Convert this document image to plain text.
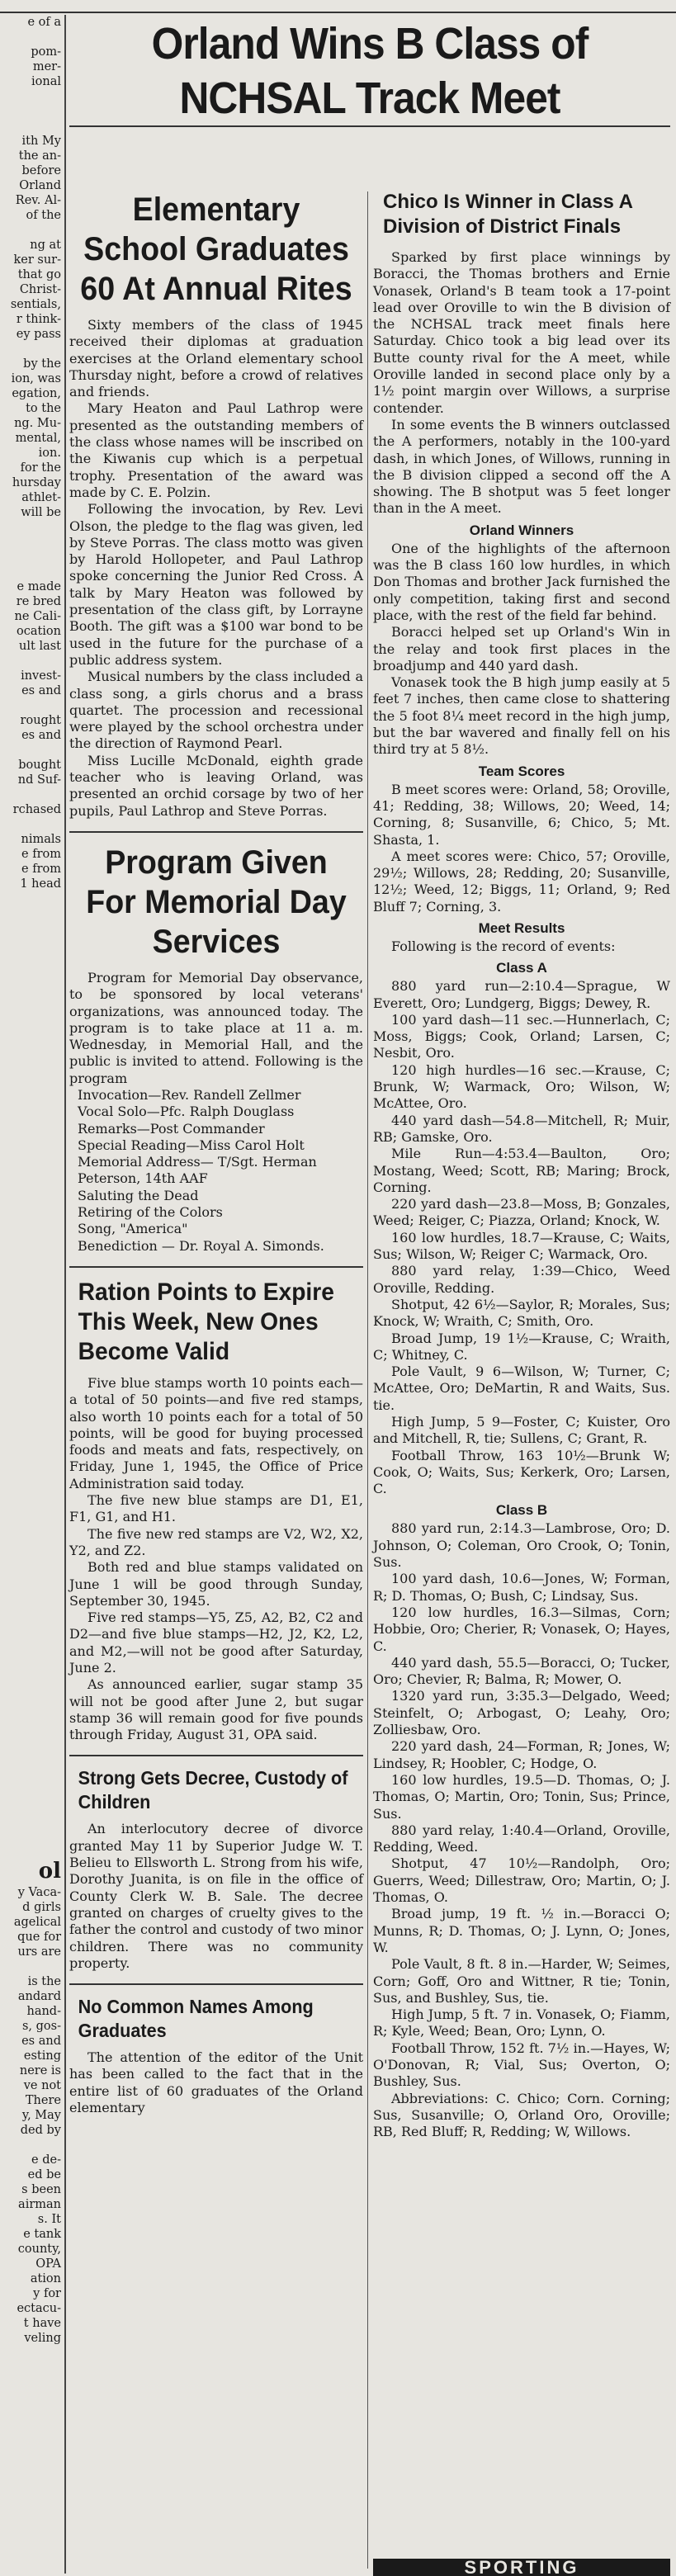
e of a

pom-

mer-

ional

ith My

the an-

before

Orland

Rev. Al-

of the

ng at

ker sur-

that go

Christ-

sentials,

r think-

ey pass

by the

ion, was

egation,

to the

ng. Mu-

mental,

ion.

for the

hursday

athlet-

will be

e made

re bred

ne Cali-

ocation

ult last

invest-

es and

rought

es and

bought

nd Suf-

rchased

nimals

e from

e from

1 head

ol

y Vaca-

d girls

agelical

que for

urs are

is the

andard

hand-

s, gos-

es and

esting

nere is

ve not

There

y, May

ded by

e de-

ed be

s been

airman

s. It

e tank

county,

OPA

ation

y for

ectacu-

t have

veling

Orland Wins B Class of
NCHSAL Track Meet
Elementary School Graduates 60 At Annual Rites

Sixty members of the class of 1945 received their diplomas at graduation exercises at the Orland elementary school Thursday night, before a crowd of relatives and friends.

Mary Heaton and Paul Lathrop were presented as the outstanding members of the class whose names will be inscribed on the Kiwanis cup which is a perpetual trophy. Presentation of the award was made by C. E. Polzin.

Following the invocation, by Rev. Levi Olson, the pledge to the flag was given, led by Steve Porras. The class motto was given by Harold Hollopeter, and Paul Lathrop spoke concerning the Junior Red Cross. A talk by Mary Heaton was followed by presentation of the class gift, by Lorrayne Booth. The gift was a $100 war bond to be used in the future for the purchase of a public address system.

Musical numbers by the class included a class song, a girls chorus and a brass quartet. The procession and recessional were played by the school orchestra under the direction of Raymond Pearl.

Miss Lucille McDonald, eighth grade teacher who is leaving Orland, was presented an orchid corsage by two of her pupils, Paul Lathrop and Steve Porras.

Program Given For Memorial Day Services

Program for Memorial Day observance, to be sponsored by local veterans' organizations, was announced today. The program is to take place at 11 a. m. Wednesday, in Memorial Hall, and the public is invited to attend. Following is the program

Invocation—Rev. Randell Zellmer

Vocal Solo—Pfc. Ralph Douglass

Remarks—Post Commander

Special Reading—Miss Carol Holt

Memorial Address— T/Sgt. Herman Peterson, 14th AAF

Saluting the Dead

Retiring of the Colors

Song, "America"

Benediction — Dr. Royal A. Simonds.

Ration Points to Expire This Week, New Ones Become Valid

Five blue stamps worth 10 points each—a total of 50 points—and five red stamps, also worth 10 points each for a total of 50 points, will be good for buying processed foods and meats and fats, respectively, on Friday, June 1, 1945, the Office of Price Administration said today.

The five new blue stamps are D1, E1, F1, G1, and H1.

The five new red stamps are V2, W2, X2, Y2, and Z2.

Both red and blue stamps validated on June 1 will be good through Sunday, September 30, 1945.

Five red stamps—Y5, Z5, A2, B2, C2 and D2—and five blue stamps—H2, J2, K2, L2, and M2,—will not be good after Saturday, June 2.

As announced earlier, sugar stamp 35 will not be good after June 2, but sugar stamp 36 will remain good for five pounds through Friday, August 31, OPA said.

Strong Gets Decree, Custody of Children

An interlocutory decree of divorce granted May 11 by Superior Judge W. T. Belieu to Ellsworth L. Strong from his wife, Dorothy Juanita, is on file in the office of County Clerk W. B. Sale. The decree granted on charges of cruelty gives to the father the control and custody of two minor children. There was no community property.

No Common Names Among Graduates

The attention of the editor of the Unit has been called to the fact that in the entire list of 60 graduates of the Orland elementary

Chico Is Winner in Class A Division of District Finals

Sparked by first place winnings by Boracci, the Thomas brothers and Ernie Vonasek, Orland's B team took a 17-point lead over Oroville to win the B division of the NCHSAL track meet finals here Saturday. Chico took a big lead over its Butte county rival for the A meet, while Oroville landed in second place only by a 1½ point margin over Willows, a surprise contender.

In some events the B winners outclassed the A performers, notably in the 100-yard dash, in which Jones, of Willows, running in the B division clipped a second off the A showing. The B shotput was 5 feet longer than in the A meet.

Orland Winners

One of the highlights of the afternoon was the B class 160 low hurdles, in which Don Thomas and brother Jack furnished the only competition, taking first and second place, with the rest of the field far behind.

Boracci helped set up Orland's Win in the relay and took first places in the broadjump and 440 yard dash.

Vonasek took the B high jump easily at 5 feet 7 inches, then came close to shattering the 5 foot 8¼ meet record in the high jump, but the bar wavered and finally fell on his third try at 5 8½.

Team Scores

B meet scores were: Orland, 58; Oroville, 41; Redding, 38; Willows, 20; Weed, 14; Corning, 8; Susanville, 6; Chico, 5; Mt. Shasta, 1.

A meet scores were: Chico, 57; Oroville, 29½; Willows, 28; Redding, 20; Susanville, 12½; Weed, 12; Biggs, 11; Orland, 9; Red Bluff 7; Corning, 3.

Meet Results

Following is the record of events:

Class A

880 yard run—2:10.4—Sprague, W Everett, Oro; Lundgerg, Biggs; Dewey, R.

100 yard dash—11 sec.—Hunnerlach, C; Moss, Biggs; Cook, Orland; Larsen, C; Nesbit, Oro.

120 high hurdles—16 sec.—Krause, C; Brunk, W; Warmack, Oro; Wilson, W; McAttee, Oro.

440 yard dash—54.8—Mitchell, R; Muir, RB; Gamske, Oro.

Mile Run—4:53.4—Baulton, Oro; Mostang, Weed; Scott, RB; Maring; Brock, Corning.

220 yard dash—23.8—Moss, B; Gonzales, Weed; Reiger, C; Piazza, Orland; Knock, W.

160 low hurdles, 18.7—Krause, C; Waits, Sus; Wilson, W; Reiger C; Warmack, Oro.

880 yard relay, 1:39—Chico, Weed Oroville, Redding.

Shotput, 42 6½—Saylor, R; Morales, Sus; Knock, W; Wraith, C; Smith, Oro.

Broad Jump, 19 1½—Krause, C; Wraith, C; Whitney, C.

Pole Vault, 9 6—Wilson, W; Turner, C; McAttee, Oro; DeMartin, R and Waits, Sus. tie.

High Jump, 5 9—Foster, C; Kuister, Oro and Mitchell, R, tie; Sullens, C; Grant, R.

Football Throw, 163 10½—Brunk W; Cook, O; Waits, Sus; Kerkerk, Oro; Larsen, C.

Class B

880 yard run, 2:14.3—Lambrose, Oro; D. Johnson, O; Coleman, Oro Crook, O; Tonin, Sus.

100 yard dash, 10.6—Jones, W; Forman, R; D. Thomas, O; Bush, C; Lindsay, Sus.

120 low hurdles, 16.3—Silmas, Corn; Hobbie, Oro; Cherier, R; Vonasek, O; Hayes, C.

440 yard dash, 55.5—Boracci, O; Tucker, Oro; Chevier, R; Balma, R; Mower, O.

1320 yard run, 3:35.3—Delgado, Weed; Steinfelt, O; Arbogast, O; Leahy, Oro; Zolliesbaw, Oro.

220 yard dash, 24—Forman, R; Jones, W; Lindsey, R; Hoobler, C; Hodge, O.

160 low hurdles, 19.5—D. Thomas, O; J. Thomas, O; Martin, Oro; Tonin, Sus; Prince, Sus.

880 yard relay, 1:40.4—Orland, Oroville, Redding, Weed.

Shotput, 47 10½—Randolph, Oro; Guerrs, Weed; Dillestraw, Oro; Martin, O; J. Thomas, O.

Broad jump, 19 ft. ½ in.—Boracci O; Munns, R; D. Thomas, O; J. Lynn, O; Jones, W.

Pole Vault, 8 ft. 8 in.—Harder, W; Seimes, Corn; Goff, Oro and Wittner, R tie; Tonin, Sus, and Bushley, Sus, tie.

High Jump, 5 ft. 7 in. Vonasek, O; Fiamm, R; Kyle, Weed; Bean, Oro; Lynn, O.

Football Throw, 152 ft. 7½ in.—Hayes, W; O'Donovan, R; Vial, Sus; Overton, O; Bushley, Sus.

Abbreviations: C. Chico; Corn. Corning; Sus, Susanville; O, Orland Oro, Oroville; RB, Red Bluff; R, Redding; W, Willows.

SPORTING
